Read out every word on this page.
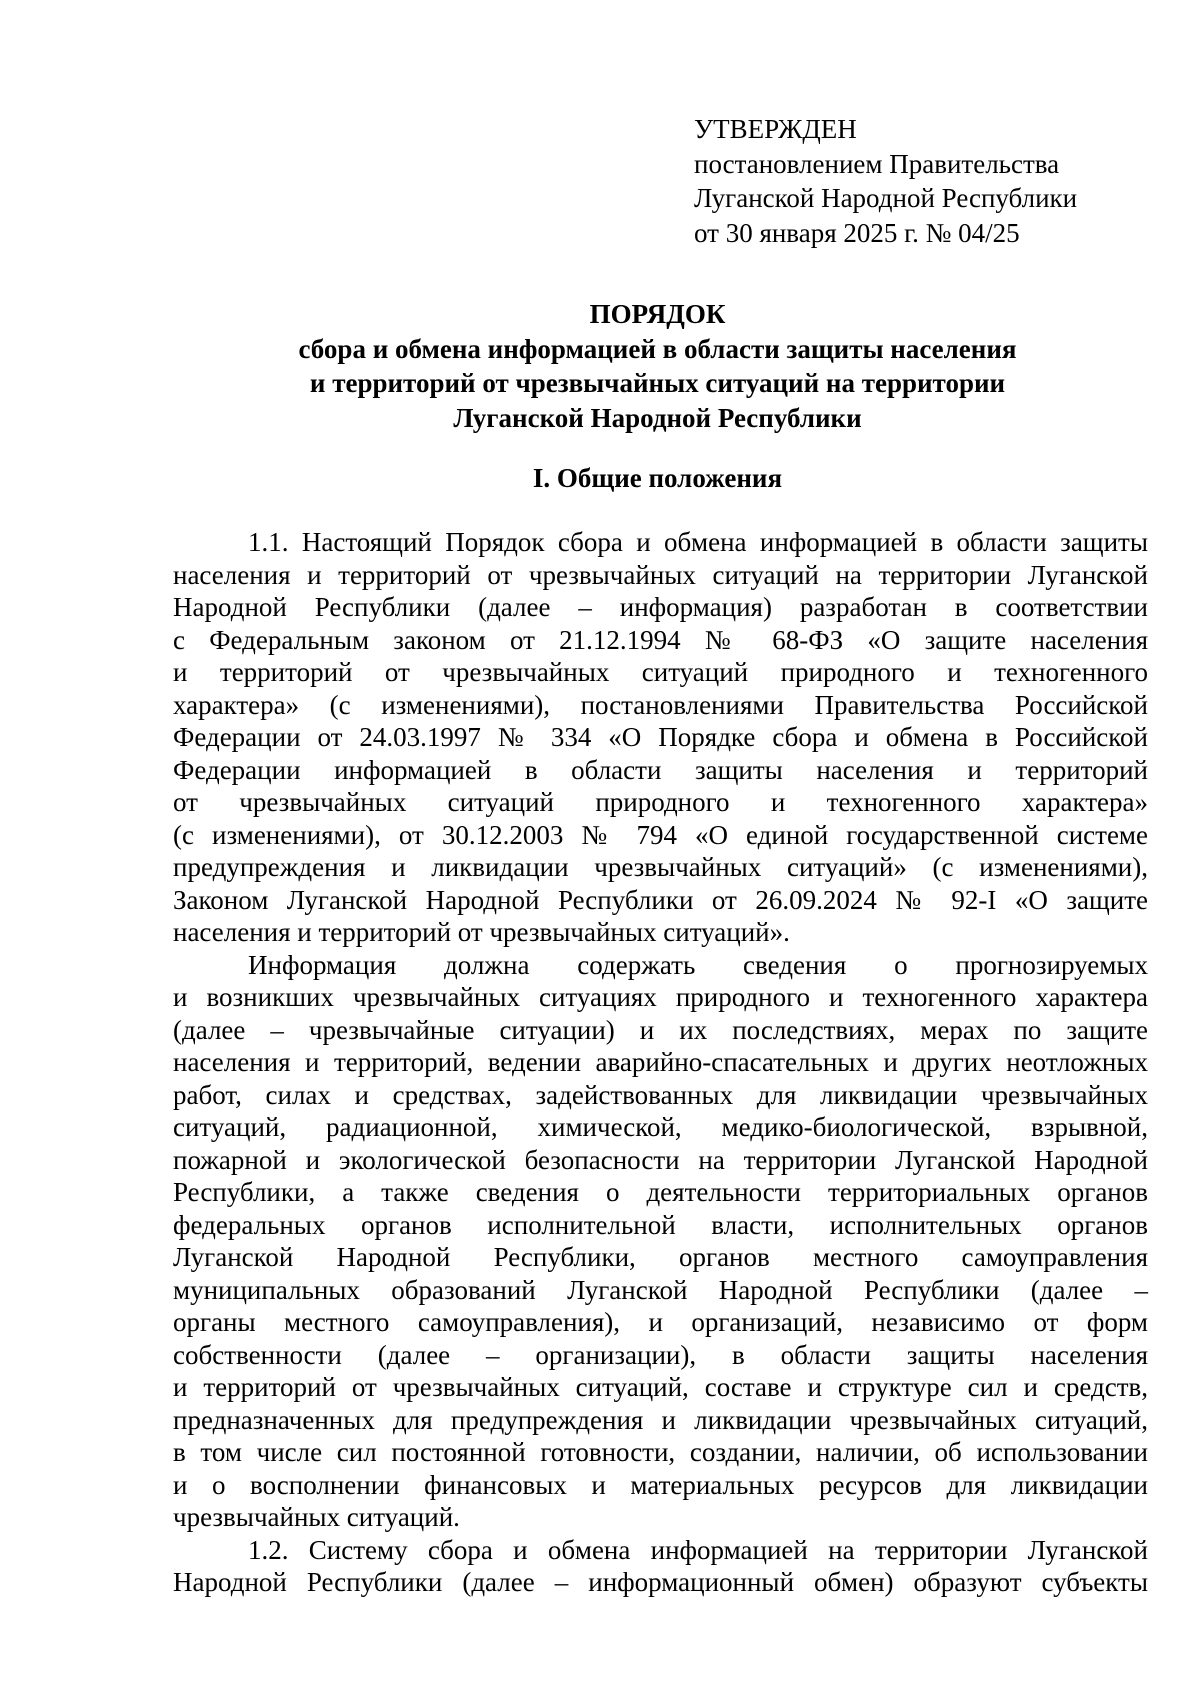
УТВЕРЖДЕН
постановлением Правительства
Луганской Народной Республики
от 30 января 2025 г. № 04/25
ПОРЯДОК
сбора и обмена информацией в области защиты населения
и территорий от чрезвычайных ситуаций на территории
Луганской Народной Республики
I. Общие положения
1.1. Настоящий Порядок сбора и обмена информацией в области защиты
населения и территорий от чрезвычайных ситуаций на территории Луганской
Народной Республики (далее – информация) разработан в соответствии
с Федеральным законом от 21.12.1994 № 68-ФЗ «О защите населения
и территорий от чрезвычайных ситуаций природного и техногенного
характера» (с изменениями), постановлениями Правительства Российской
Федерации от 24.03.1997 № 334 «О Порядке сбора и обмена в Российской
Федерации информацией в области защиты населения и территорий
от чрезвычайных ситуаций природного и техногенного характера»
(с изменениями), от 30.12.2003 № 794 «О единой государственной системе
предупреждения и ликвидации чрезвычайных ситуаций» (с изменениями),
Законом Луганской Народной Республики от 26.09.2024 № 92-I «О защите
населения и территорий от чрезвычайных ситуаций».
Информация должна содержать сведения о прогнозируемых
и возникших чрезвычайных ситуациях природного и техногенного характера
(далее – чрезвычайные ситуации) и их последствиях, мерах по защите
населения и территорий, ведении аварийно-спасательных и других неотложных
работ, силах и средствах, задействованных для ликвидации чрезвычайных
ситуаций, радиационной, химической, медико-биологической, взрывной,
пожарной и экологической безопасности на территории Луганской Народной
Республики, а также сведения о деятельности территориальных органов
федеральных органов исполнительной власти, исполнительных органов
Луганской Народной Республики, органов местного самоуправления
муниципальных образований Луганской Народной Республики (далее –
органы местного самоуправления), и организаций, независимо от форм
собственности (далее – организации), в области защиты населения
и территорий от чрезвычайных ситуаций, составе и структуре сил и средств,
предназначенных для предупреждения и ликвидации чрезвычайных ситуаций,
в том числе сил постоянной готовности, создании, наличии, об использовании
и о восполнении финансовых и материальных ресурсов для ликвидации
чрезвычайных ситуаций.
1.2. Систему сбора и обмена информацией на территории Луганской
Народной Республики (далее – информационный обмен) образуют субъекты
